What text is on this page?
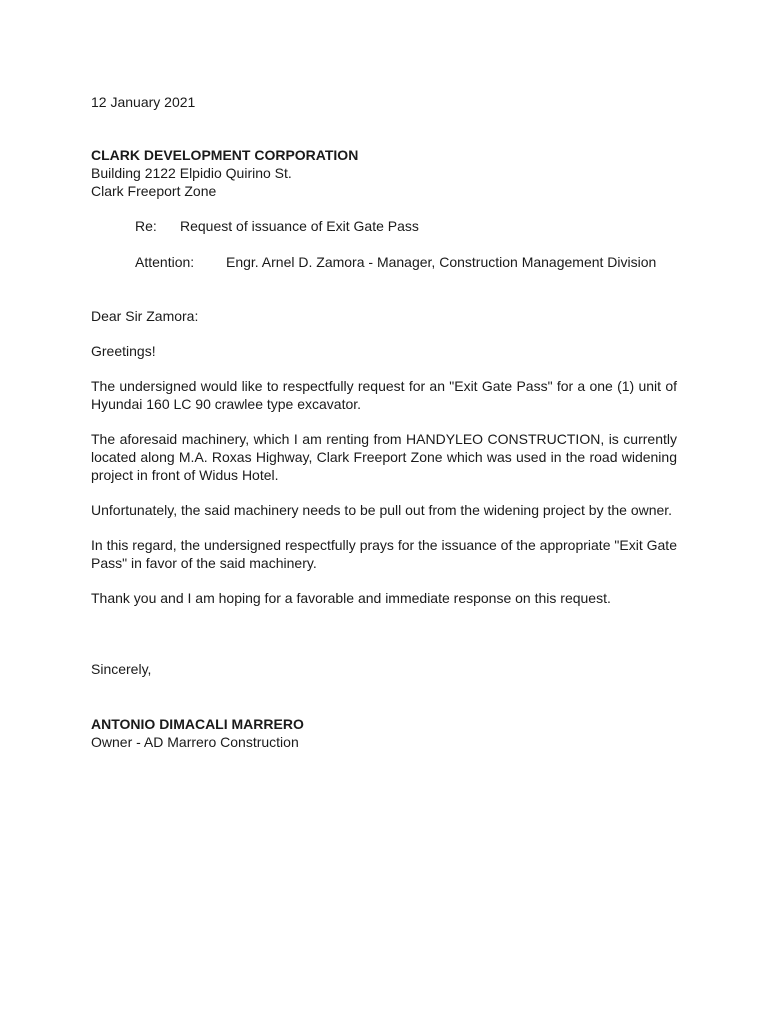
12 January 2021

CLARK DEVELOPMENT CORPORATION
Building 2122 Elpidio Quirino St.
Clark Freeport Zone
Re:	Request of issuance of Exit Gate Pass
Attention:	Engr. Arnel D. Zamora - Manager, Construction Management Division

Dear Sir Zamora:

Greetings!

The undersigned would like to respectfully request for an "Exit Gate Pass" for a one (1) unit of Hyundai 160 LC 90 crawlee type excavator.

The aforesaid machinery, which I am renting from HANDYLEO CONSTRUCTION, is currently located along M.A. Roxas Highway, Clark Freeport Zone which was used in the road widening project in front of Widus Hotel.

Unfortunately, the said machinery needs to be pull out from the widening project by the owner.

In this regard, the undersigned respectfully prays for the issuance of the appropriate "Exit Gate Pass" in favor of the said machinery.

Thank you and I am hoping for a favorable and immediate response on this request.

Sincerely,

ANTONIO DIMACALI MARRERO
Owner - AD Marrero Construction
